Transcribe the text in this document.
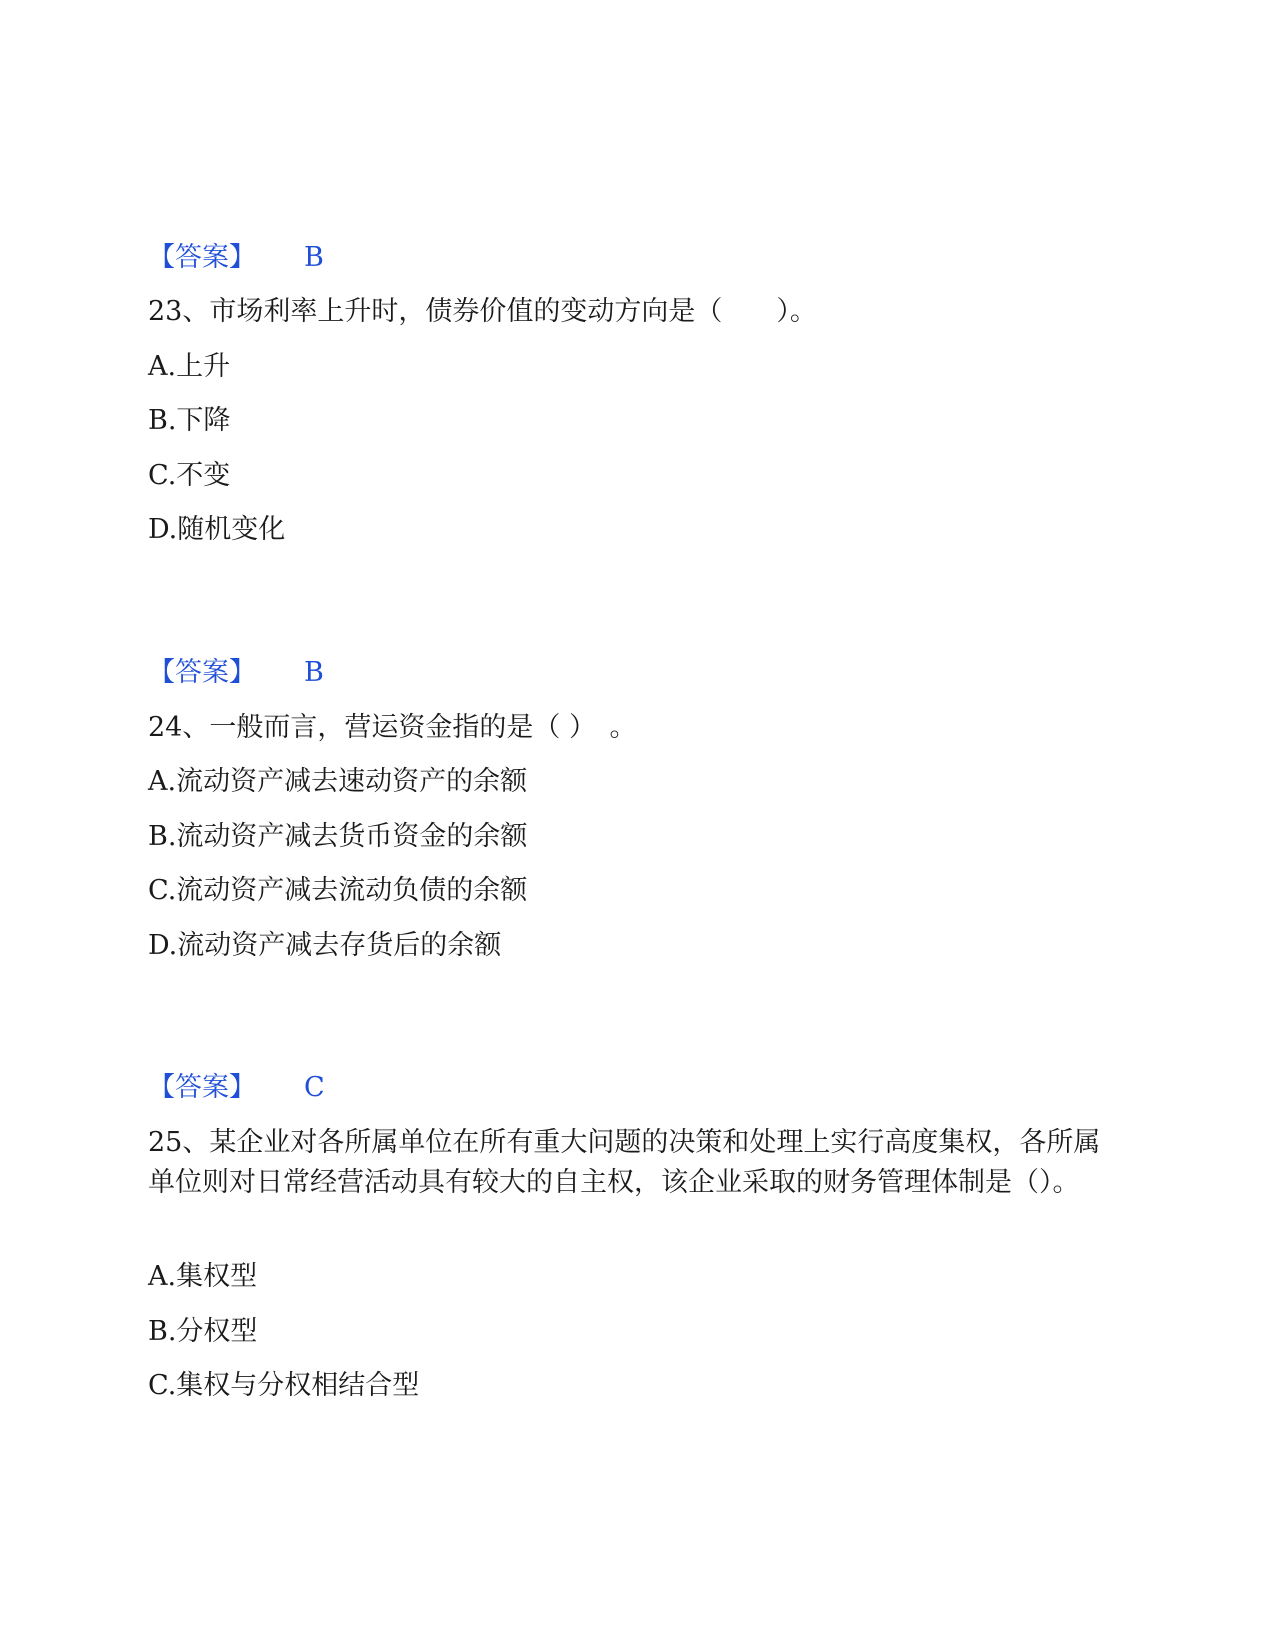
【答案】 B
23、市场利率上升时，债券价值的变动方向是（　　）。
A.上升
B.下降
C.不变
D.随机变化
【答案】 B
24、一般而言，营运资金指的是（ ）　。
A.流动资产减去速动资产的余额
B.流动资产减去货币资金的余额
C.流动资产减去流动负债的余额
D.流动资产减去存货后的余额
【答案】 C
25、某企业对各所属单位在所有重大问题的决策和处理上实行高度集权，各所属单位则对日常经营活动具有较大的自主权，该企业采取的财务管理体制是（）。
A.集权型
B.分权型
C.集权与分权相结合型
